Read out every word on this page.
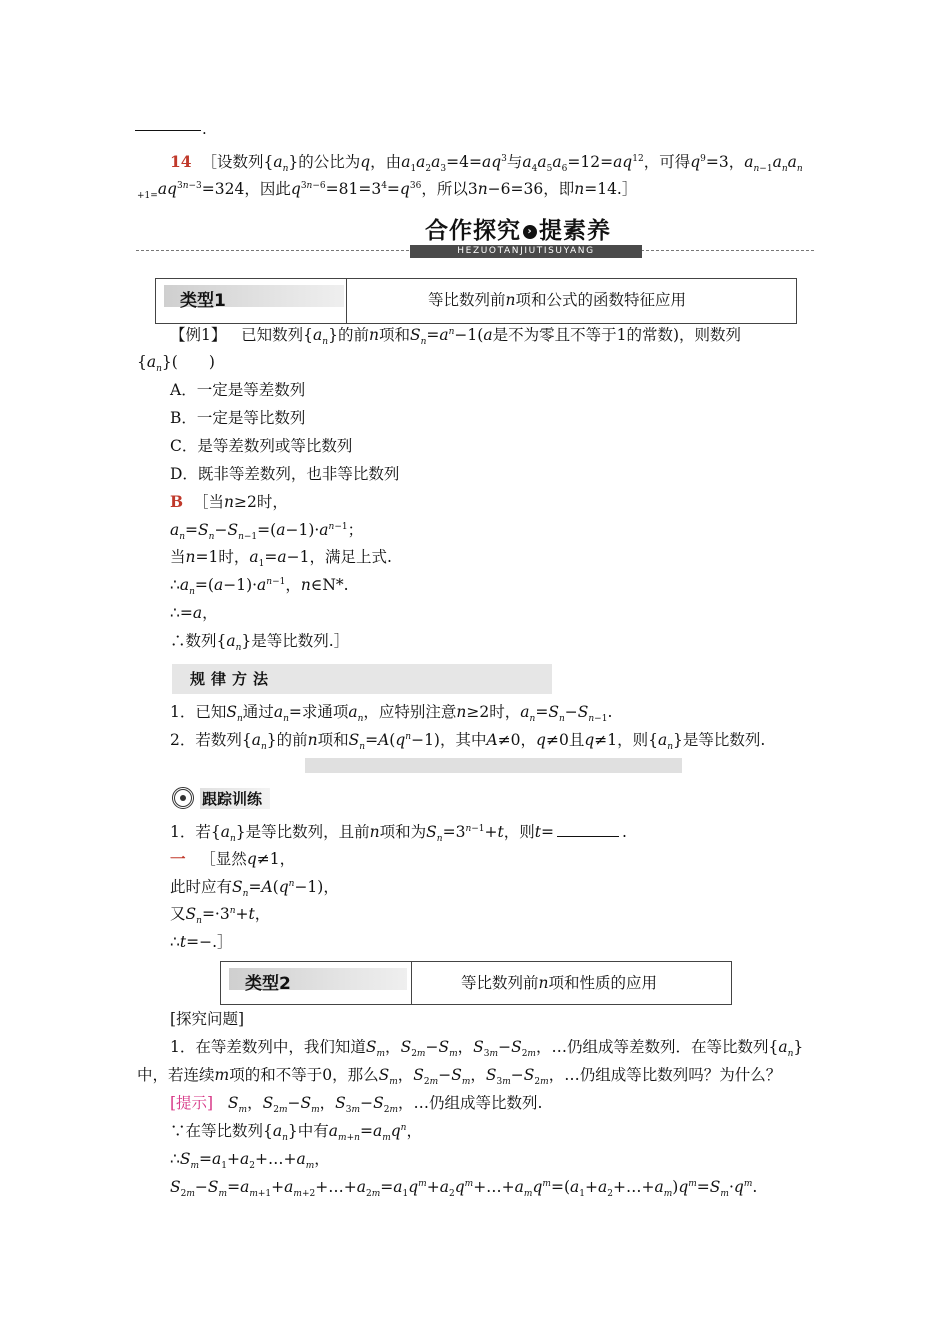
.
14 ［设数列$\{a_n\}$的公比为q，由$a_1a_2a_3=4=aq^3$与$a_4a_5a_6=12=aq^{12}$，可得$q^9=3$，$a_{n-1}a_na_n$
$_{+1=}aq^{3n-3}=324$，因此$q^{3n-6}=81=3^4=q^{36}$，所以3n−6=36，即n=14.］
合作探究 › 提素养
HEZUOTANJIUTISUYANG
类型1	等比数列前n项和公式的函数特征应用
【例1】 已知数列$\{a_n\}$的前n项和$S_n=a^n-1(a$是不为零且不等于1的常数)，则数列
$\{a_n\}$(　　)
A．一定是等差数列
B．一定是等比数列
C．是等差数列或等比数列
D．既非等差数列，也非等比数列
B ［当n≥2时，
$a_n=S_n-S_{n-1}=(a-1)\cdot a^{n-1}$；
当n=1时，$a_1=a-1$，满足上式.
$\therefore a_n=(a-1)\cdot a^{n-1}$，n∈N*.
∴=a，
∴数列$\{a_n\}$是等比数列.］
规律方法
1．已知$S_n$通过$a_n=$求通项$a_n$，应特别注意n≥2时，$a_n=S_n-S_{n-1}$.
2．若数列$\{a_n\}$的前n项和$S_n=A(q^n-1)$，其中A≠0，q≠0且q≠1，则$\{a_n\}$是等比数列.
跟踪训练
1．若$\{a_n\}$是等比数列，且前n项和为$S_n=3^{n-1}+t$，则t=	.
一 ［显然q≠1，
此时应有$S_n=A(q^n-1)$，
又$S_n=\cdot 3^n+t$，
∴t=−.］
类型2	等比数列前n项和性质的应用
[探究问题]
1．在等差数列中，我们知道$S_m$，$S_{2m}-S_m$，$S_{3m}-S_{2m}$，…仍组成等差数列．在等比数列$\{a_n\}$
中，若连续m项的和不等于0，那么$S_m$，$S_{2m}-S_m$，$S_{3m}-S_{2m}$，…仍组成等比数列吗？为什么？
[提示] $S_m$，$S_{2m}-S_m$，$S_{3m}-S_{2m}$，…仍组成等比数列.
∵在等比数列$\{a_n\}$中有$a_{m+n}=a_mq^n$，
$\therefore S_m=a_1+a_2+\dots+a_m$，
$S_{2m}-S_m=a_{m+1}+a_{m+2}+\dots+a_{2m}=a_1q^m+a_2q^m+\dots+a_mq^m=(a_1+a_2+\dots+a_m)q^m=S_m\cdot q^m$.
